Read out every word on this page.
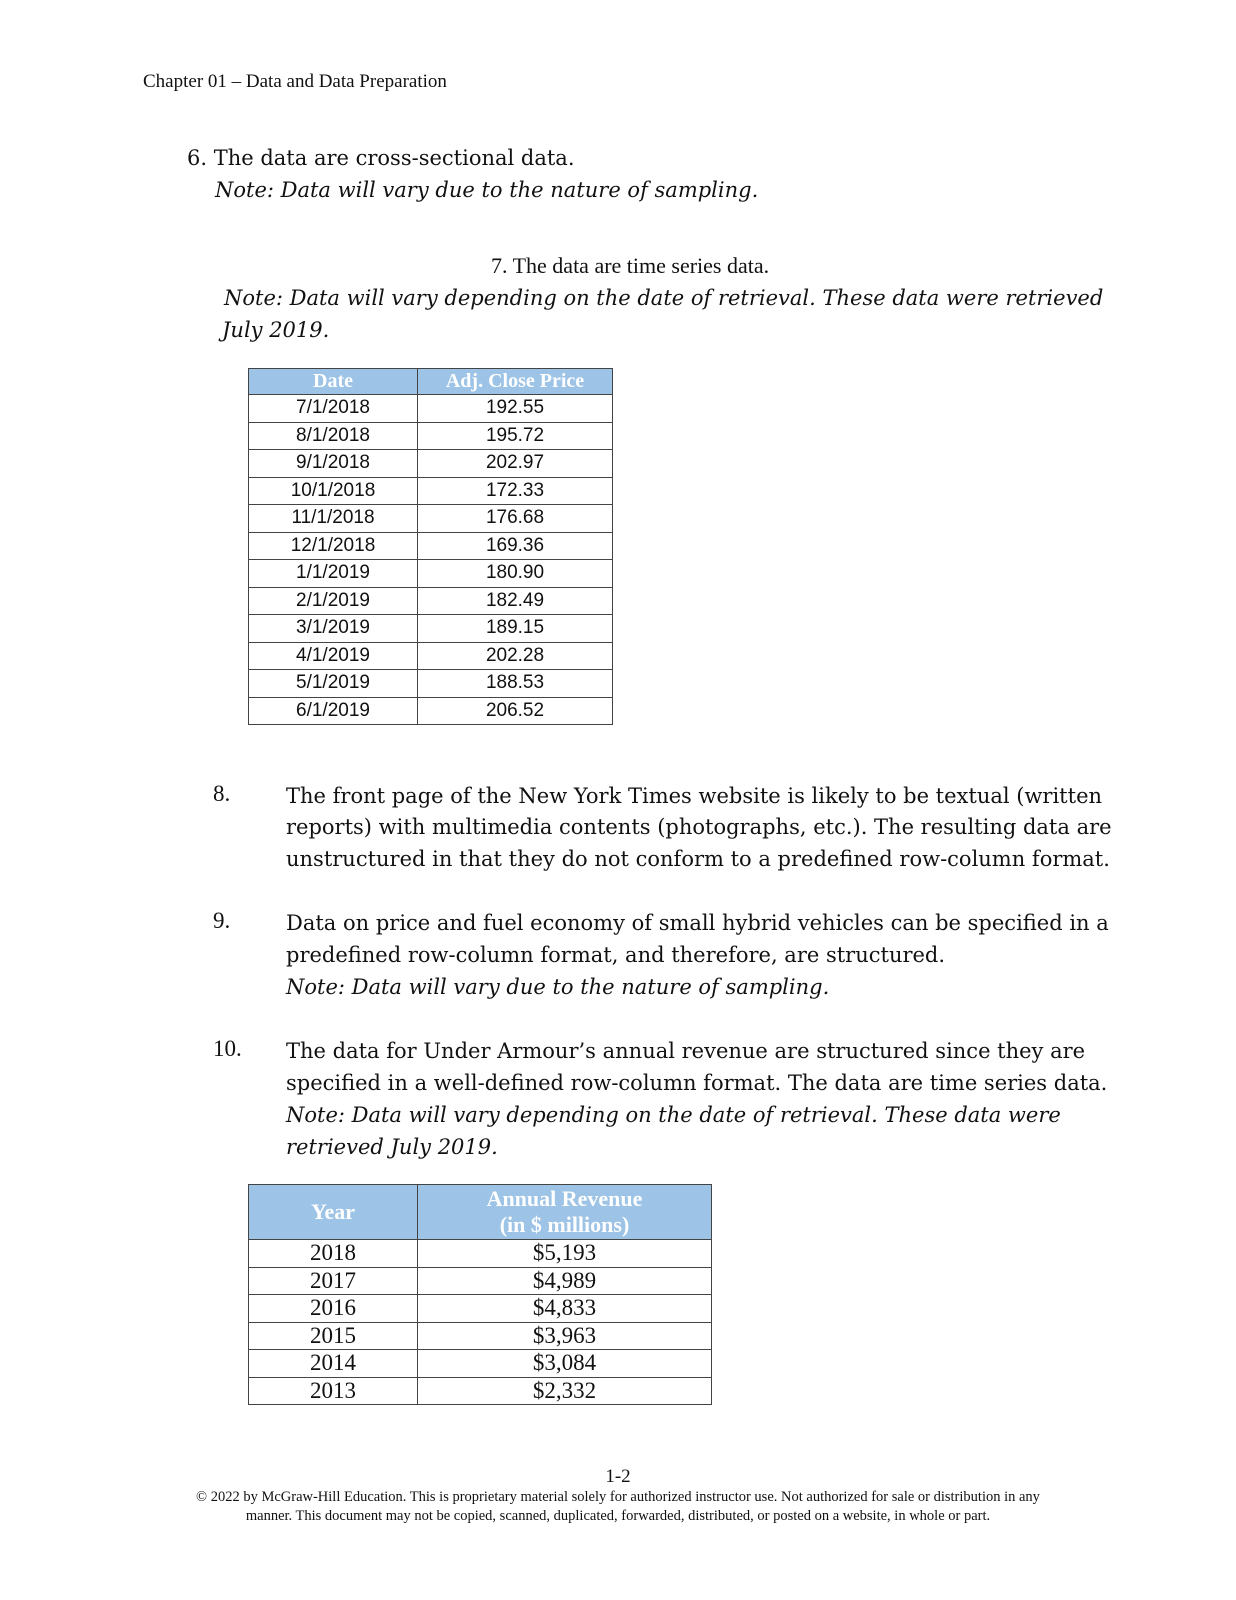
Chapter 01 – Data and Data Preparation
6. The data are cross-sectional data.
Note: Data will vary due to the nature of sampling.
7. The data are time series data.
Note: Data will vary depending on the date of retrieval. These data were retrieved
July 2019.
Date	Adj. Close Price
7/1/2018	192.55
8/1/2018	195.72
9/1/2018	202.97
10/1/2018	172.33
11/1/2018	176.68
12/1/2018	169.36
1/1/2019	180.90
2/1/2019	182.49
3/1/2019	189.15
4/1/2019	202.28
5/1/2019	188.53
6/1/2019	206.52
8.	The front page of the New York Times website is likely to be textual (written
reports) with multimedia contents (photographs, etc.). The resulting data are
unstructured in that they do not conform to a predefined row-column format.
9.	Data on price and fuel economy of small hybrid vehicles can be specified in a
predefined row-column format, and therefore, are structured.
Note: Data will vary due to the nature of sampling.
10. The data for Under Armour’s annual revenue are structured since they are
specified in a well-defined row-column format. The data are time series data.
Note: Data will vary depending on the date of retrieval. These data were
retrieved July 2019.
Year	Annual Revenue
(in $ millions)

2018	$5,193
2017	$4,989
2016	$4,833
2015	$3,963
2014	$3,084
2013	$2,332
1-2
© 2022 by McGraw-Hill Education. This is proprietary material solely for authorized instructor use. Not authorized for sale or distribution in any
manner. This document may not be copied, scanned, duplicated, forwarded, distributed, or posted on a website, in whole or part.
